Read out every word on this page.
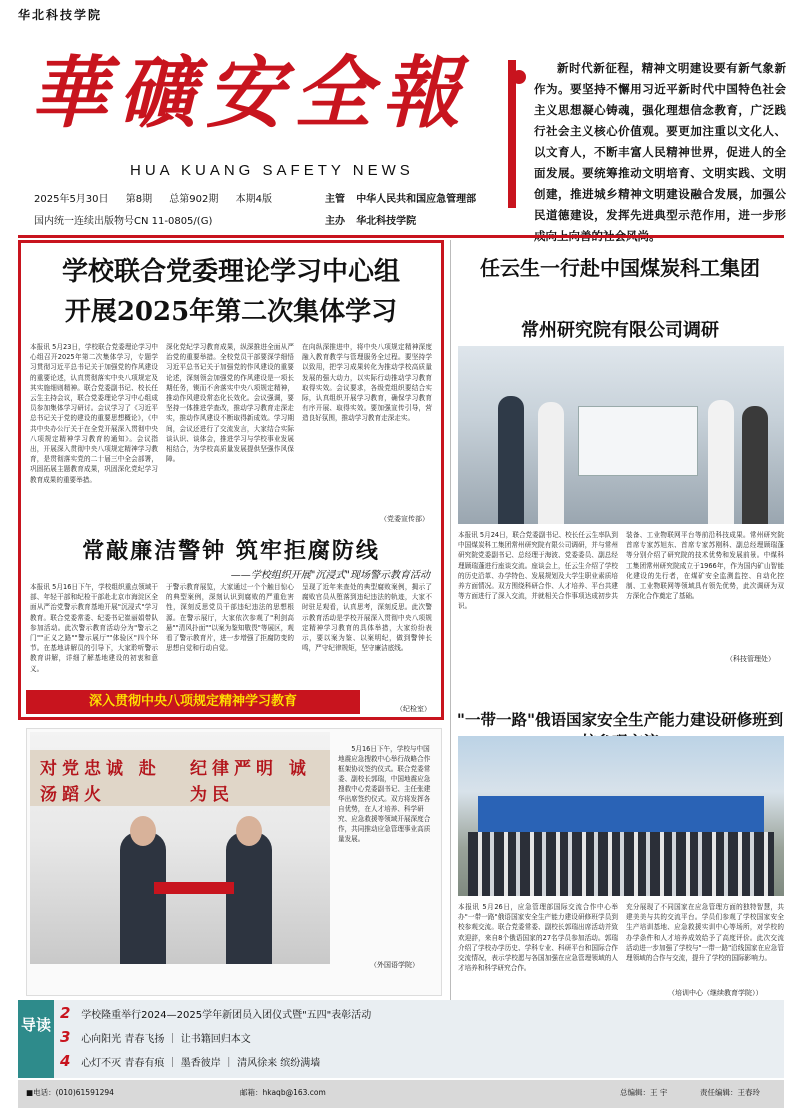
华北科技学院
華礦安全報
HUA KUANG SAFETY NEWS
2025年5月30日 第8期 总第902期 本期4版
国内统一连续出版物号CN 11-0805/(G)
主管 中华人民共和国应急管理部
主办 华北科技学院
新时代新征程，精神文明建设要有新气象新作为。要坚持不懈用习近平新时代中国特色社会主义思想凝心铸魂，强化理想信念教育，广泛践行社会主义核心价值观。要更加注重以文化人、以文育人，不断丰富人民精神世界，促进人的全面发展。要统筹推动文明培育、文明实践、文明创建，推进城乡精神文明建设融合发展，加强公民道德建设，发挥先进典型示范作用，进一步形
学校联合党委理论学习中心组
开展2025年第二次集体学习
本报讯 5月23日，学校联合党委理论学习中心组召开2025年第二次集体学习，专题学习贯彻习近平总书记关于加强党的作风建设的重要论述，认真贯彻落实中央八项规定及其实施细则精神。联合党委副书记、校长任云生主持会议，联合党委理论学习中心组成员参加集体学习研讨。会议学习了《习近平总书记关于党的建设的重要思想概论》，《中共中央办公厅关于在全党开展深入贯彻中央八项规定精神学习教育的通知》。会议指出，开展深入贯彻中央八项规定精神学习教育，是贯彻落实党的二十届三中全会部署，巩固拓展主题教育成果，巩固深化党纪学习教育成果的重要举措。
深化党纪学习教育成果，纵深推进全面从严治党的重要举措。全校党员干部要深学细悟习近平总书记关于加强党的作风建设的重要论述，深刻领会加强党的作风建设是一项长期任务，锲而不舍落实中央八项规定精神，推动作风建设常态化长效化。会议强调，要坚持一体推进学查改，推动学习教育走深走实，推动作风建设不断取得新成效。学习期间，会议还进行了交流发言，大家结合实际谈认识、谈体会，推进学习与学校事业发展相结合，为学校高质量发展提供坚强作风保障。
在向纵深推进中，将中央八项规定精神深度融入教育教学与管理服务全过程。要坚持学以致用，把学习成果转化为推动学校高质量发展的强大动力，以实际行动推动学习教育取得实效。会议要求，各级党组织要结合实际，认真组织开展学习教育，确保学习教育有序开展、取得实效。要加强宣传引导，营造良好氛围，推动学习教育走深走实。
（党委宣传部）
常敲廉洁警钟 筑牢拒腐防线
——学校组织开展"沉浸式"现场警示教育活动
本报讯 5月16日下午，学校组织重点领域干部、年轻干部和纪检干部赴北京市海淀区全面从严治党警示教育基地开展"沉浸式"学习教育。联合党委常委、纪委书记崔丽娟带队参加活动。此次警示教育活动分为"警示之门""正义之路""警示展厅""体验区"四个环节。在基地讲解员的引导下，大家聆听警示教育讲解，详细了解基地建设的初衷和意义。
于警示教育展览，大家通过一个个触目惊心的典型案例，深刻认识到腐败的严重危害性，深刻反思党员干部违纪违法的思想根源。在警示展厅，大家依次参观了"利剑高悬""清风扑面""以案为鉴知敬畏"等展区，观看了警示教育片，进一步增强了拒腐防变的思想自觉和行动自觉。
呈现了近年来查处的典型腐败案例，揭示了腐败官员从堕落到违纪违法的轨迹，大家不时驻足观看，认真思考，深刻反思。此次警示教育活动是学校开展深入贯彻中央八项规定精神学习教育的具体举措，大家纷纷表示，要以案为鉴、以案明纪，做到警钟长鸣，严守纪律规矩，坚守廉洁底线。
（纪检室）
深入贯彻中央八项规定精神学习教育
对党忠诚 赴汤蹈火
纪律严明 诚为民
5月16日下午，学校与中国地震应急搜救中心举行战略合作框架协议签约仪式。联合党委常委、副校长郭瑞，中国地震应急搜救中心党委副书记、主任张建华出席签约仪式。双方将发挥各自优势，在人才培养、科学研究、应急救援等领域开展深度合作，共同推动应急管理事业高质量发展。
（外国语学院）
任云生一行赴中国煤炭科工集团
常州研究院有限公司调研
本报讯 5月24日，联合党委副书记、校长任云生率队到中国煤炭科工集团常州研究院有限公司调研，并与常州研究院党委副书记、总经理于海波、党委委员、副总经理顾瑞蓬进行座谈交流。座谈会上，任云生介绍了学校的历史沿革、办学特色、发展规划及大学生职业素质培养方面情况。双方围绕科研合作、人才培养、平台共建等方面进行了深入交流，并就相关合作事项达成初步共识。
装备、工业物联网平台等前沿科技成果。常州研究院首席专家苏旭东、首席专家苏刚科、副总经理顾瑞蓬等分别介绍了研究院的技术优势和发展前景。中煤科工集团常州研究院成立于1966年，作为国内矿山智能化建设的先行者，在煤矿安全监测监控、自动化控制、工业物联网等领域具有领先优势，此次调研为双方深化合作奠定了基础。
（科技管理处）
"一带一路"俄语国家安全生产能力建设研修班到
本报讯 5月26日，应急管理部国际交流合作中心举办"一带一路"俄语国家安全生产能力建设研修班学员到校参观交流。联合党委常委、副校长郭瑞出席活动并致欢迎辞，来自8个俄语国家的27名学员参加活动。郭瑞介绍了学校办学历史、学科专业、科研平台和国际合作交流情况，表示学校愿与各国加强在应急管理领域的人才培养和科学研究合作。
充分展现了不同国家在应急管理方面的独特智慧，共建美美与共的交流平台。学员们参观了学校国家安全生产培训基地、应急救援实训中心等场所，对学校的办学条件和人才培养成效给予了高度评价。此次交流活动进一步加强了学校与"一带一路"沿线国家在应急管理领域的合作与交流，提升了学校的国际影响力。
（培训中心（继续教育学院））
导读
2 学校隆重举行2024—2025学年新团员入团仪式暨"五四"表彰活动
3 心向阳光 青春飞扬 ｜ 让书籍回归本文
4 心灯不灭 青春有痕 ｜ 墨香彼岸 ｜ 清风徐来 缤纷满墙
■电话：(010)61591294	邮箱：hkaqb@163.com	总编辑：王 宇	责任编辑：王春玲
